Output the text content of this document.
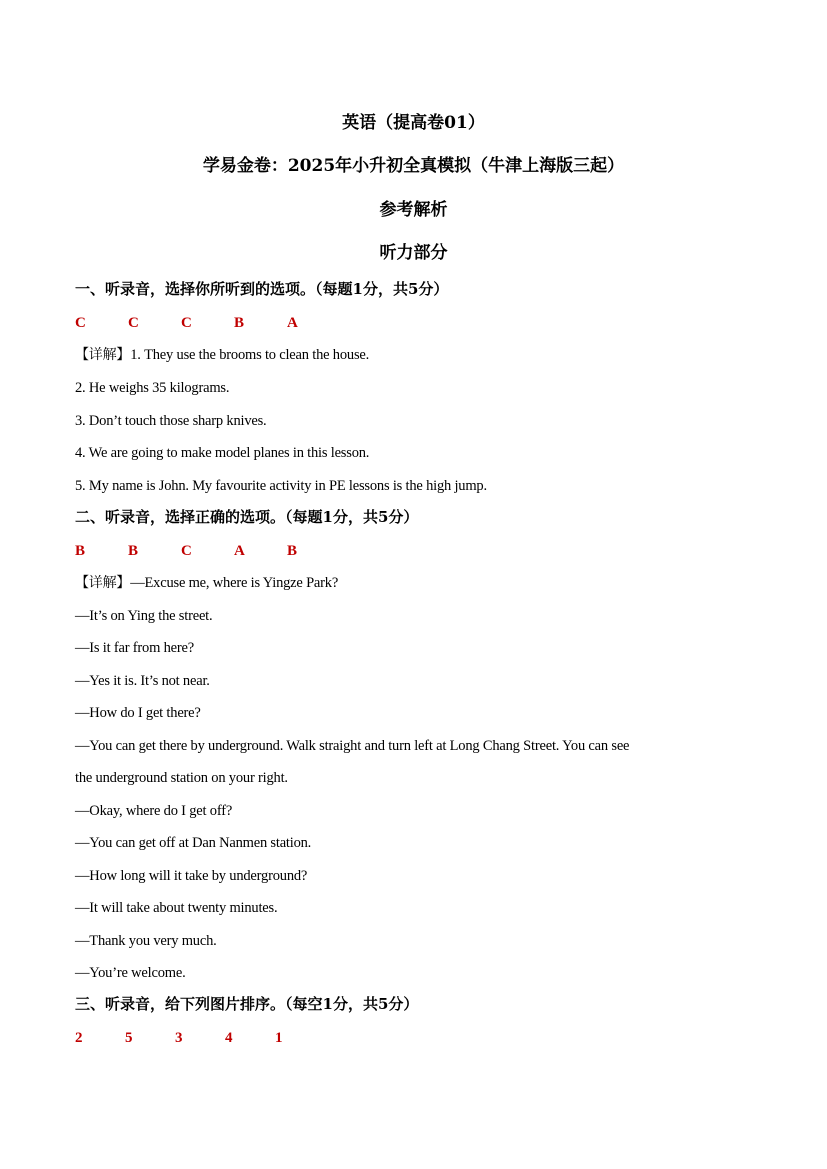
英语（提高卷01）
学易金卷：2025年小升初全真模拟（牛津上海版三起）
参考解析
听力部分
一、听录音，选择你所听到的选项。（每题1分，共5分）
C	C	C	B	A
【详解】1. They use the brooms to clean the house.
2. He weighs 35 kilograms.
3. Don’t touch those sharp knives.
4. We are going to make model planes in this lesson.
5. My name is John. My favourite activity in PE lessons is the high jump.
二、听录音，选择正确的选项。（每题1分，共5分）
B	B	C	A	B
【详解】—Excuse me, where is Yingze Park?
—It’s on Ying the street.
—Is it far from here?
—Yes it is. It’s not near.
—How do I get there?
—You can get there by underground. Walk straight and turn left at Long Chang Street. You can see
the underground station on your right.
—Okay, where do I get off?
—You can get off at Dan Nanmen station.
—How long will it take by underground?
—It will take about twenty minutes.
—Thank you very much.
—You’re welcome.
三、听录音，给下列图片排序。（每空1分，共5分）
2	5	3	4	1
